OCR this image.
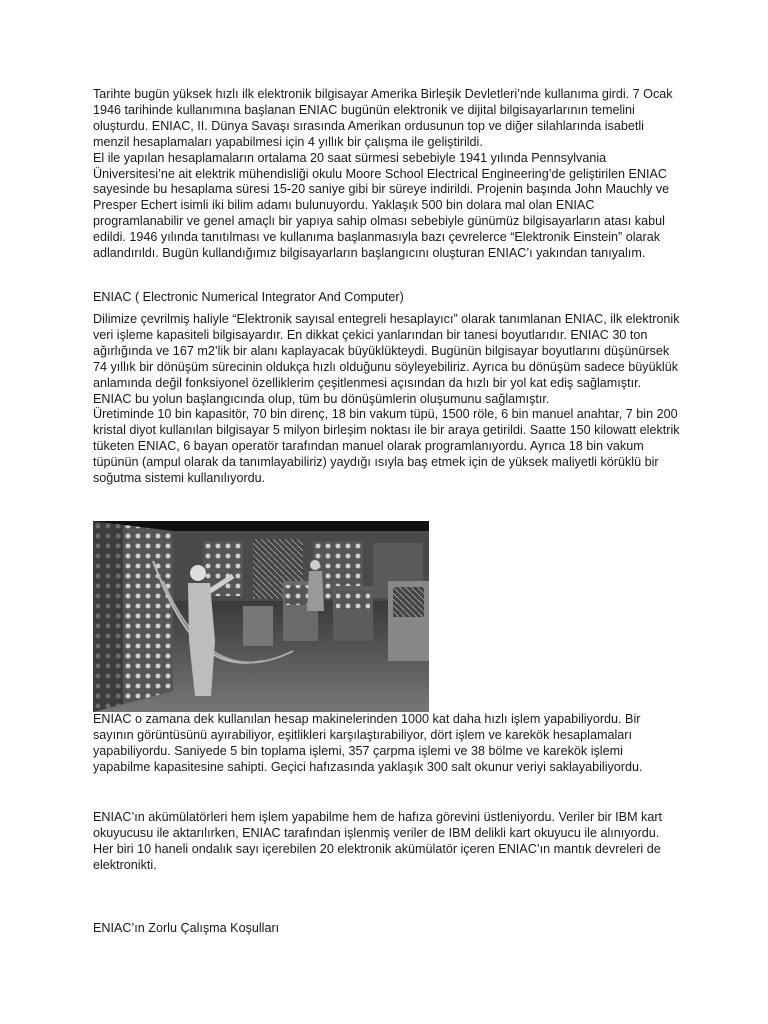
Tarihte bugün yüksek hızlı ilk elektronik bilgisayar Amerika Birleşik Devletleri’nde kullanıma girdi. 7 Ocak 1946 tarihinde kullanımına başlanan ENIAC bugünün elektronik ve dijital bilgisayarlarının temelini oluşturdu. ENIAC, II. Dünya Savaşı sırasında Amerikan ordusunun top ve diğer silahlarında isabetli menzil hesaplamaları yapabilmesi için 4 yıllık bir çalışma ile geliştirildi.
El ile yapılan hesaplamaların ortalama 20 saat sürmesi sebebiyle 1941 yılında Pennsylvania Üniversitesi’ne ait elektrik mühendisliği okulu Moore School Electrical Engineering’de geliştirilen ENIAC sayesinde bu hesaplama süresi 15-20 saniye gibi bir süreye indirildi. Projenin başında John Mauchly ve Presper Echert isimli iki bilim adamı bulunuyordu. Yaklaşık 500 bin dolara mal olan ENIAC programlanabilir ve genel amaçlı bir yapıya sahip olması sebebiyle günümüz bilgisayarların atası kabul edildi. 1946 yılında tanıtılması ve kullanıma başlanmasıyla bazı çevrelerce “Elektronik Einstein” olarak adlandırıldı. Bugün kullandığımız bilgisayarların başlangıcını oluşturan ENIAC’ı yakından tanıyalım.

ENIAC ( Electronic Numerical Integrator And Computer)

Dilimize çevrilmiş haliyle “Elektronik sayısal entegreli hesaplayıcı” olarak tanımlanan ENIAC, ilk elektronik veri işleme kapasiteli bilgisayardır. En dikkat çekici yanlarından bir tanesi boyutlarıdır. ENIAC 30 ton ağırlığında ve 167 m2’lik bir alanı kaplayacak büyüklükteydi. Bugünün bilgisayar boyutlarını düşünürsek 74 yıllık bir dönüşüm sürecinin oldukça hızlı olduğunu söyleyebiliriz. Ayrıca bu dönüşüm sadece büyüklük anlamında değil fonksiyonel özelliklerim çeşitlenmesi açısından da hızlı bir yol kat ediş sağlamıştır. ENIAC bu yolun başlangıcında olup, tüm bu dönüşümlerin oluşumunu sağlamıştır.
Üretiminde 10 bin kapasitör, 70 bin direnç, 18 bin vakum tüpü, 1500 röle, 6 bin manuel anahtar, 7 bin 200 kristal diyot kullanılan bilgisayar 5 milyon birleşim noktası ile bir araya getirildi. Saatte 150 kilowatt elektrik tüketen ENIAC, 6 bayan operatör tarafından manuel olarak programlanıyordu. Ayrıca 18 bin vakum tüpünün (ampul olarak da tanımlayabiliriz) yaydığı ısıyla baş etmek için de yüksek maliyetli körüklü bir soğutma sistemi kullanılıyordu.

ENIAC o zamana dek kullanılan hesap makinelerinden 1000 kat daha hızlı işlem yapabiliyordu. Bir sayının görüntüsünü ayırabiliyor, eşitlikleri karşılaştırabiliyor, dört işlem ve karekök hesaplamaları yapabiliyordu. Saniyede 5 bin toplama işlemi, 357 çarpma işlemi ve 38 bölme ve karekök işlemi yapabilme kapasitesine sahipti. Geçici hafızasında yaklaşık 300 salt okunur veriyi saklayabiliyordu.

ENIAC’ın akümülatörleri hem işlem yapabilme hem de hafıza görevini üstleniyordu. Veriler bir IBM kart okuyucusu ile aktarılırken, ENIAC tarafından işlenmiş veriler de IBM delikli kart okuyucu ile alınıyordu. Her biri 10 haneli ondalık sayı içerebilen 20 elektronik akümülatör içeren ENIAC’ın mantık devreleri de elektronikti.

ENIAC’ın Zorlu Çalışma Koşulları
